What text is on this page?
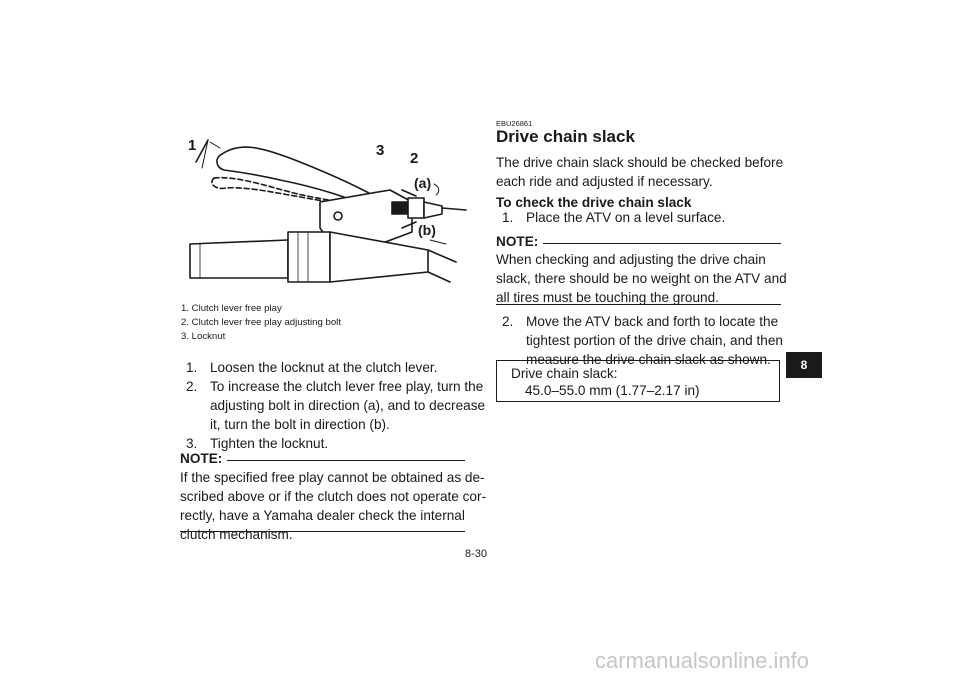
1	3 2
(a)
(b)
1. Clutch lever free play
2. Clutch lever free play adjusting bolt
3. Locknut
1. Loosen the locknut at the clutch lever.
2. To increase the clutch lever free play, turn the
adjusting bolt in direction (a), and to decrease
it, turn the bolt in direction (b).
3. Tighten the locknut.
NOTE:
If the specified free play cannot be obtained as de-
scribed above or if the clutch does not operate cor-
rectly, have a Yamaha dealer check the internal
clutch mechanism.
EBU26861
Drive chain slack
The drive chain slack should be checked before
each ride and adjusted if necessary.
To check the drive chain slack
1. Place the ATV on a level surface.
NOTE:
When checking and adjusting the drive chain
slack, there should be no weight on the ATV and
all tires must be touching the ground.
2. Move the ATV back and forth to locate the
tightest portion of the drive chain, and then
measure the drive chain slack as shown.
Drive chain slack:
45.0–55.0 mm (1.77–2.17 in)
8
8-30
carmanualsonline.info
